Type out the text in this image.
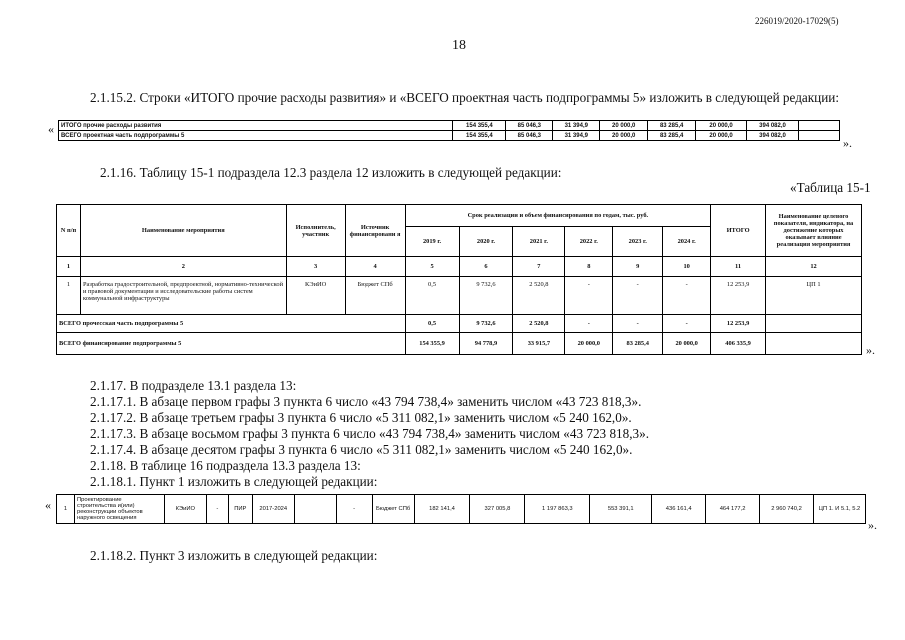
226019/2020-17029(5)
18
2.1.15.2. Строки «ИТОГО прочие расходы развития» и «ВСЕГО проектная часть подпрограммы 5» изложить в следующей редакции:
« ИТОГО прочие расходы развития	154 355,4	85 046,3	31 394,9	20 000,0	83 285,4	20 000,0	394 082,0	
ВСЕГО проектная часть подпрограммы 5	154 355,4	85 046,3	31 394,9	20 000,0	83 285,4	20 000,0	394 082,0	
».
2.1.16. Таблицу 15-1 подраздела 12.3 раздела 12 изложить в следующей редакции:
«Таблица 15-1
N п/п	Наименование мероприятия	Исполнитель, участник	Источник финансировани я	Срок реализации и объем финансирования по годам, тыс. руб.						ИТОГО	Наименование целевого показателя, индикатора, на достижение которых оказывает влияние реализация мероприятия
				2019 г.	2020 г.	2021 г.	2022 г.	2023 г.	2024 г.		
1	2	3	4	5	6	7	8	9	10	11	12
1	Разработка градостроительной, предпроектной, нормативно-технической и правовой документации и исследовательские работы систем коммунальной инфраструктуры	КЭиИО	Бюджет СПб	0,5	9 732,6	2 520,8	-	-	-	12 253,9	ЦП 1
ВСЕГО прочесская часть подпрограммы 5				0,5	9 732,6	2 520,8	-	-	-	12 253,9	
ВСЕГО финансирование подпрограммы 5				154 355,9	94 778,9	33 915,7	20 000,0	83 285,4	20 000,0	406 335,9		».
2.1.17. В подразделе 13.1 раздела 13:
2.1.17.1. В абзаце первом графы 3 пункта 6 число «43 794 738,4» заменить числом «43 723 818,3».
2.1.17.2. В абзаце третьем графы 3 пункта 6 число «5 311 082,1» заменить числом «5 240 162,0».
2.1.17.3. В абзаце восьмом графы 3 пункта 6 число «43 794 738,4» заменить числом «43 723 818,3».
2.1.17.4. В абзаце десятом графы 3 пункта 6 число «5 311 082,1» заменить числом «5 240 162,0».
2.1.18. В таблице 16 подраздела 13.3 раздела 13:
2.1.18.1. Пункт 1 изложить в следующей редакции:
« 1	Проектирование строительства и(или) реконструкции объектов наружного освещения	КЭиИО	-	ПИР	2017-2024		-	Бюджет СПб	182 141,4	327 005,8	1 197 863,3	553 391,1	436 161,4	464 177,2	2 960 740,2	ЦП 1. И 5.1, 5.2
».
2.1.18.2. Пункт 3 изложить в следующей редакции:
